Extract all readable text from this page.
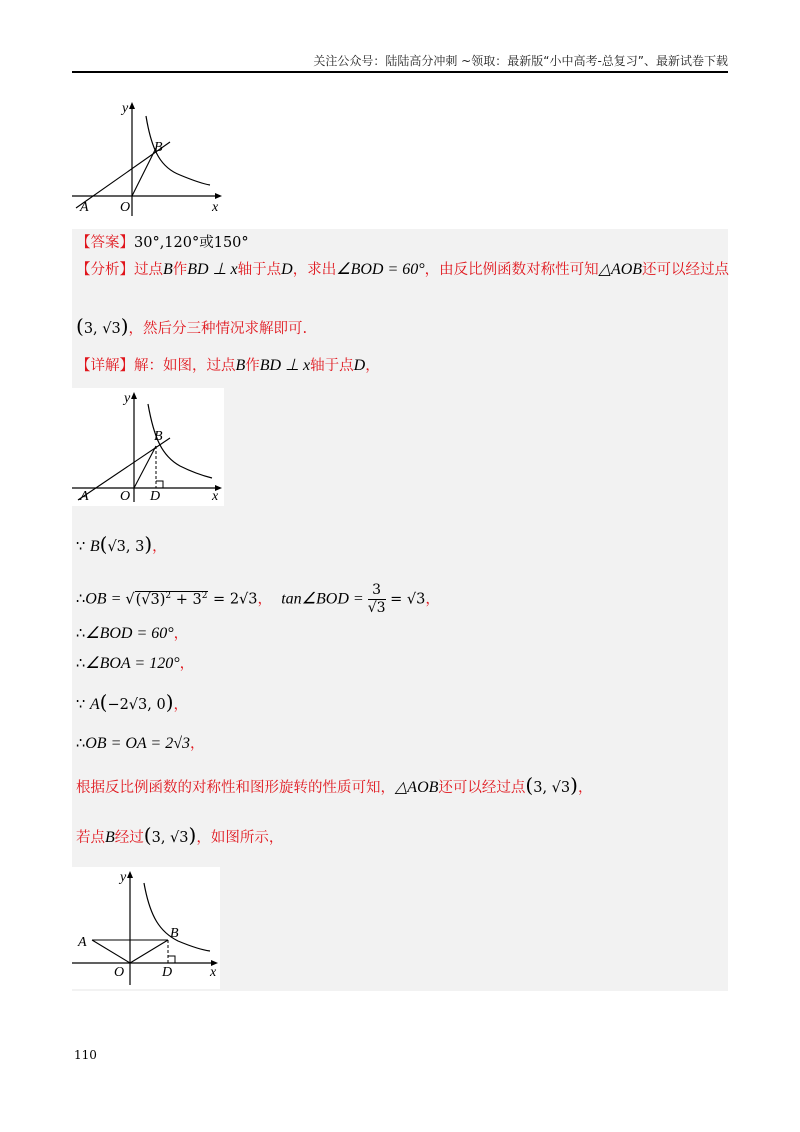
关注公众号：陆陆高分冲刺 ~领取：最新版“小中高考-总复习”、最新试卷下载
y
B
A O	x
【答案】30°,120°或150°
【分析】过点B作BD ⊥ x轴于点D，求出∠BOD = 60°，由反比例函数对称性可知△AOB还可以经过点
(3, √3)，然后分三种情况求解即可.
【详解】解：如图，过点B作BD ⊥ x轴于点D，
y
B
A O D	x
∵ B(√3, 3)，
∴OB = $√(√3)^2 + 3^2 = 2√3$， tan∠BOD = $\frac{3}{√3} = √3$，
∴∠BOD = 60°，
∴∠BOA = 120°，
∵ A(−2√3, 0)，
∴OB = OA = 2√3，
根据反比例函数的对称性和图形旋转的性质可知，△AOB还可以经过点(3, √3)，
若点B经过(3, √3)，如图所示，
y
B
A
O	D	x
110
